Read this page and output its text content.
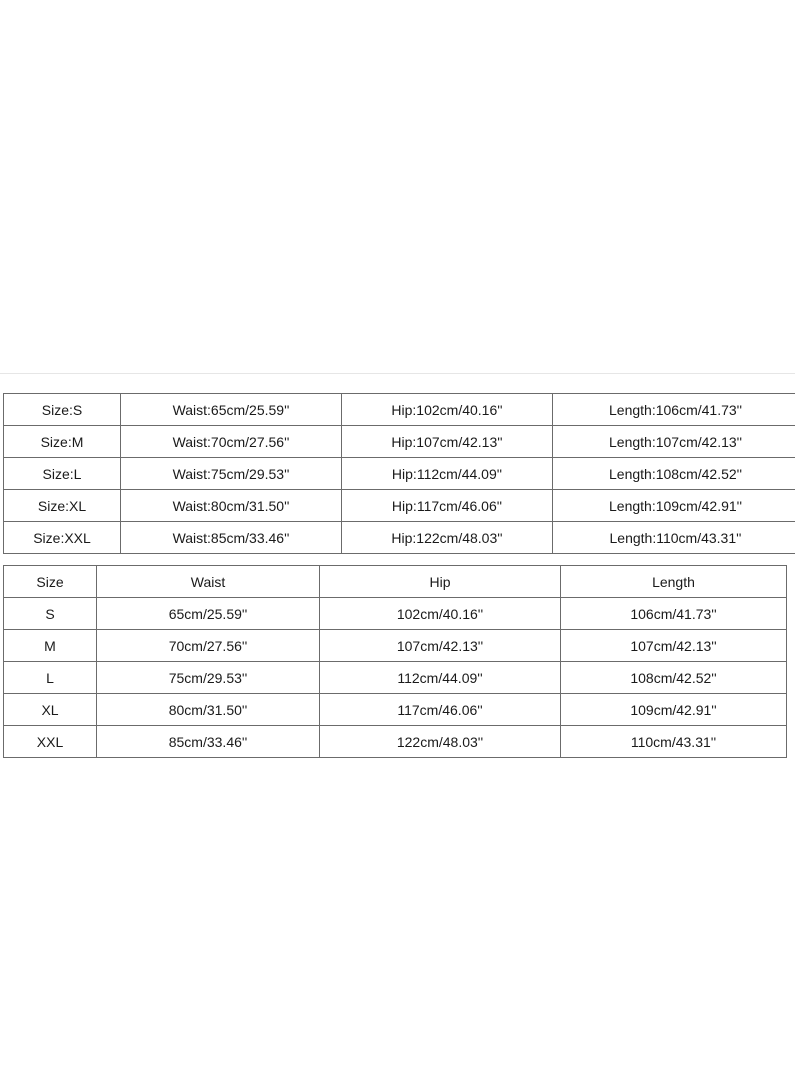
Size:S	Waist:65cm/25.59''	Hip:102cm/40.16''	Length:106cm/41.73''
Size:M	Waist:70cm/27.56''	Hip:107cm/42.13''	Length:107cm/42.13''
Size:L	Waist:75cm/29.53''	Hip:112cm/44.09''	Length:108cm/42.52''
Size:XL	Waist:80cm/31.50''	Hip:117cm/46.06''	Length:109cm/42.91''
Size:XXL	Waist:85cm/33.46''	Hip:122cm/48.03''	Length:110cm/43.31''
Size	Waist	Hip	Length
S	65cm/25.59''	102cm/40.16''	106cm/41.73''
M	70cm/27.56''	107cm/42.13''	107cm/42.13''
L	75cm/29.53''	112cm/44.09''	108cm/42.52''
XL	80cm/31.50''	117cm/46.06''	109cm/42.91''
XXL	85cm/33.46''	122cm/48.03''	110cm/43.31''
